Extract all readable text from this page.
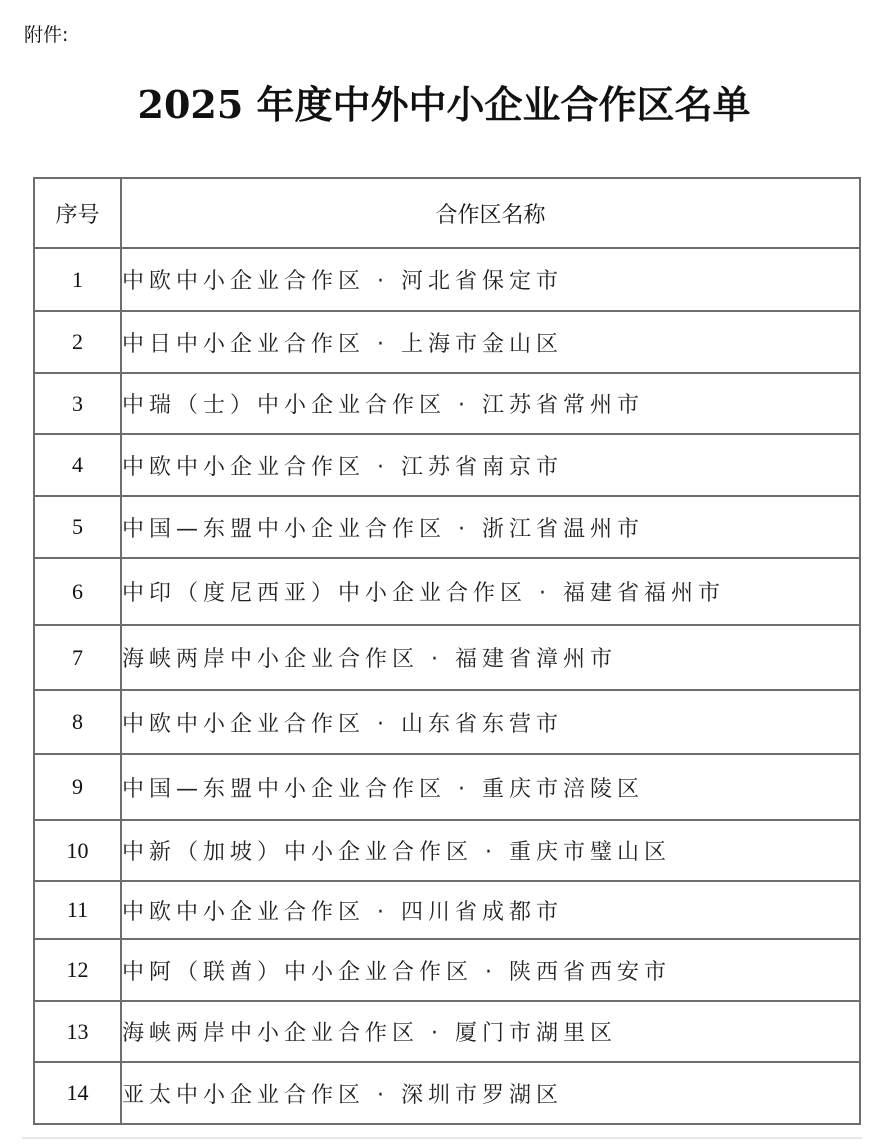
附件:
2025 年度中外中小企业合作区名单
序号	合作区名称
1	中欧中小企业合作区 · 河北省保定市
2	中日中小企业合作区 · 上海市金山区
3	中瑞（士）中小企业合作区 · 江苏省常州市
4	中欧中小企业合作区 · 江苏省南京市
5	中国—东盟中小企业合作区 · 浙江省温州市
6	中印（度尼西亚）中小企业合作区 · 福建省福州市
7	海峡两岸中小企业合作区 · 福建省漳州市
8	中欧中小企业合作区 · 山东省东营市
9	中国—东盟中小企业合作区 · 重庆市涪陵区
10	中新（加坡）中小企业合作区 · 重庆市璧山区
11	中欧中小企业合作区 · 四川省成都市
12	中阿（联酋）中小企业合作区 · 陕西省西安市
13	海峡两岸中小企业合作区 · 厦门市湖里区
14	亚太中小企业合作区 · 深圳市罗湖区
